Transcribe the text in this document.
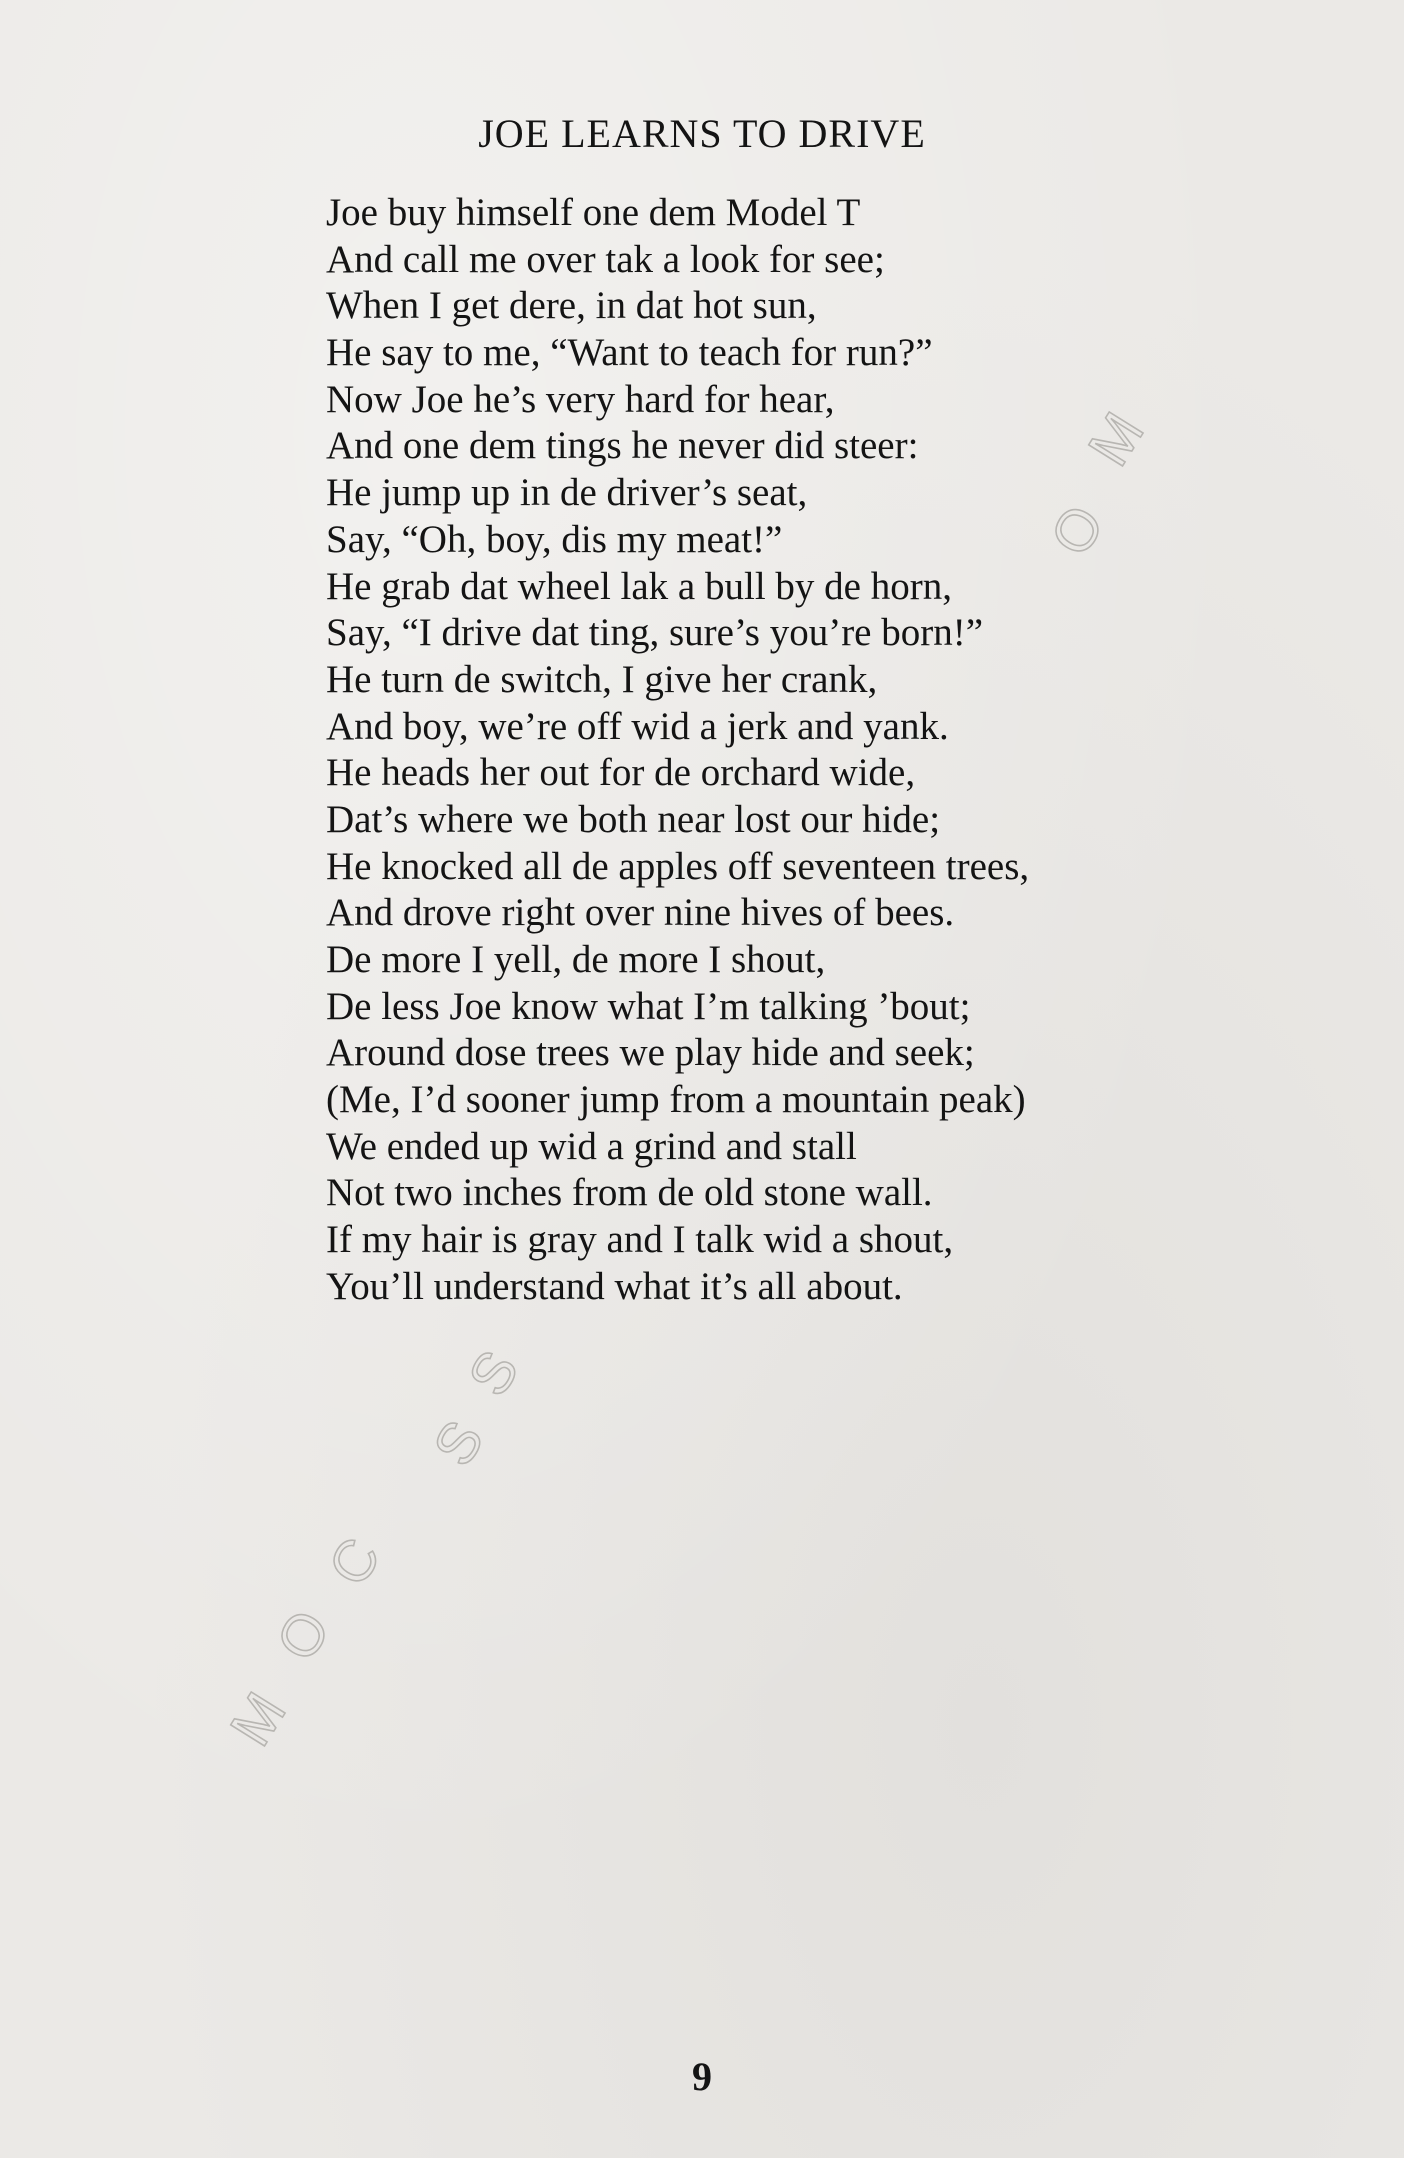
JOE LEARNS TO DRIVE
Joe buy himself one dem Model T
And call me over tak a look for see;
When I get dere, in dat hot sun,
He say to me, “Want to teach for run?”
Now Joe he’s very hard for hear,
And one dem tings he never did steer:
He jump up in de driver’s seat,
Say, “Oh, boy, dis my meat!”
He grab dat wheel lak a bull by de horn,
Say, “I drive dat ting, sure’s you’re born!”
He turn de switch, I give her crank,
And boy, we’re off wid a jerk and yank.
He heads her out for de orchard wide,
Dat’s where we both near lost our hide;
He knocked all de apples off seventeen trees,
And drove right over nine hives of bees.
De more I yell, de more I shout,
De less Joe know what I’m talking ’bout;
Around dose trees we play hide and seek;
(Me, I’d sooner jump from a mountain peak)
We ended up wid a grind and stall
Not two inches from de old stone wall.
If my hair is gray and I talk wid a shout,
You’ll understand what it’s all about.
M
O
C
S
S
O
M
9
